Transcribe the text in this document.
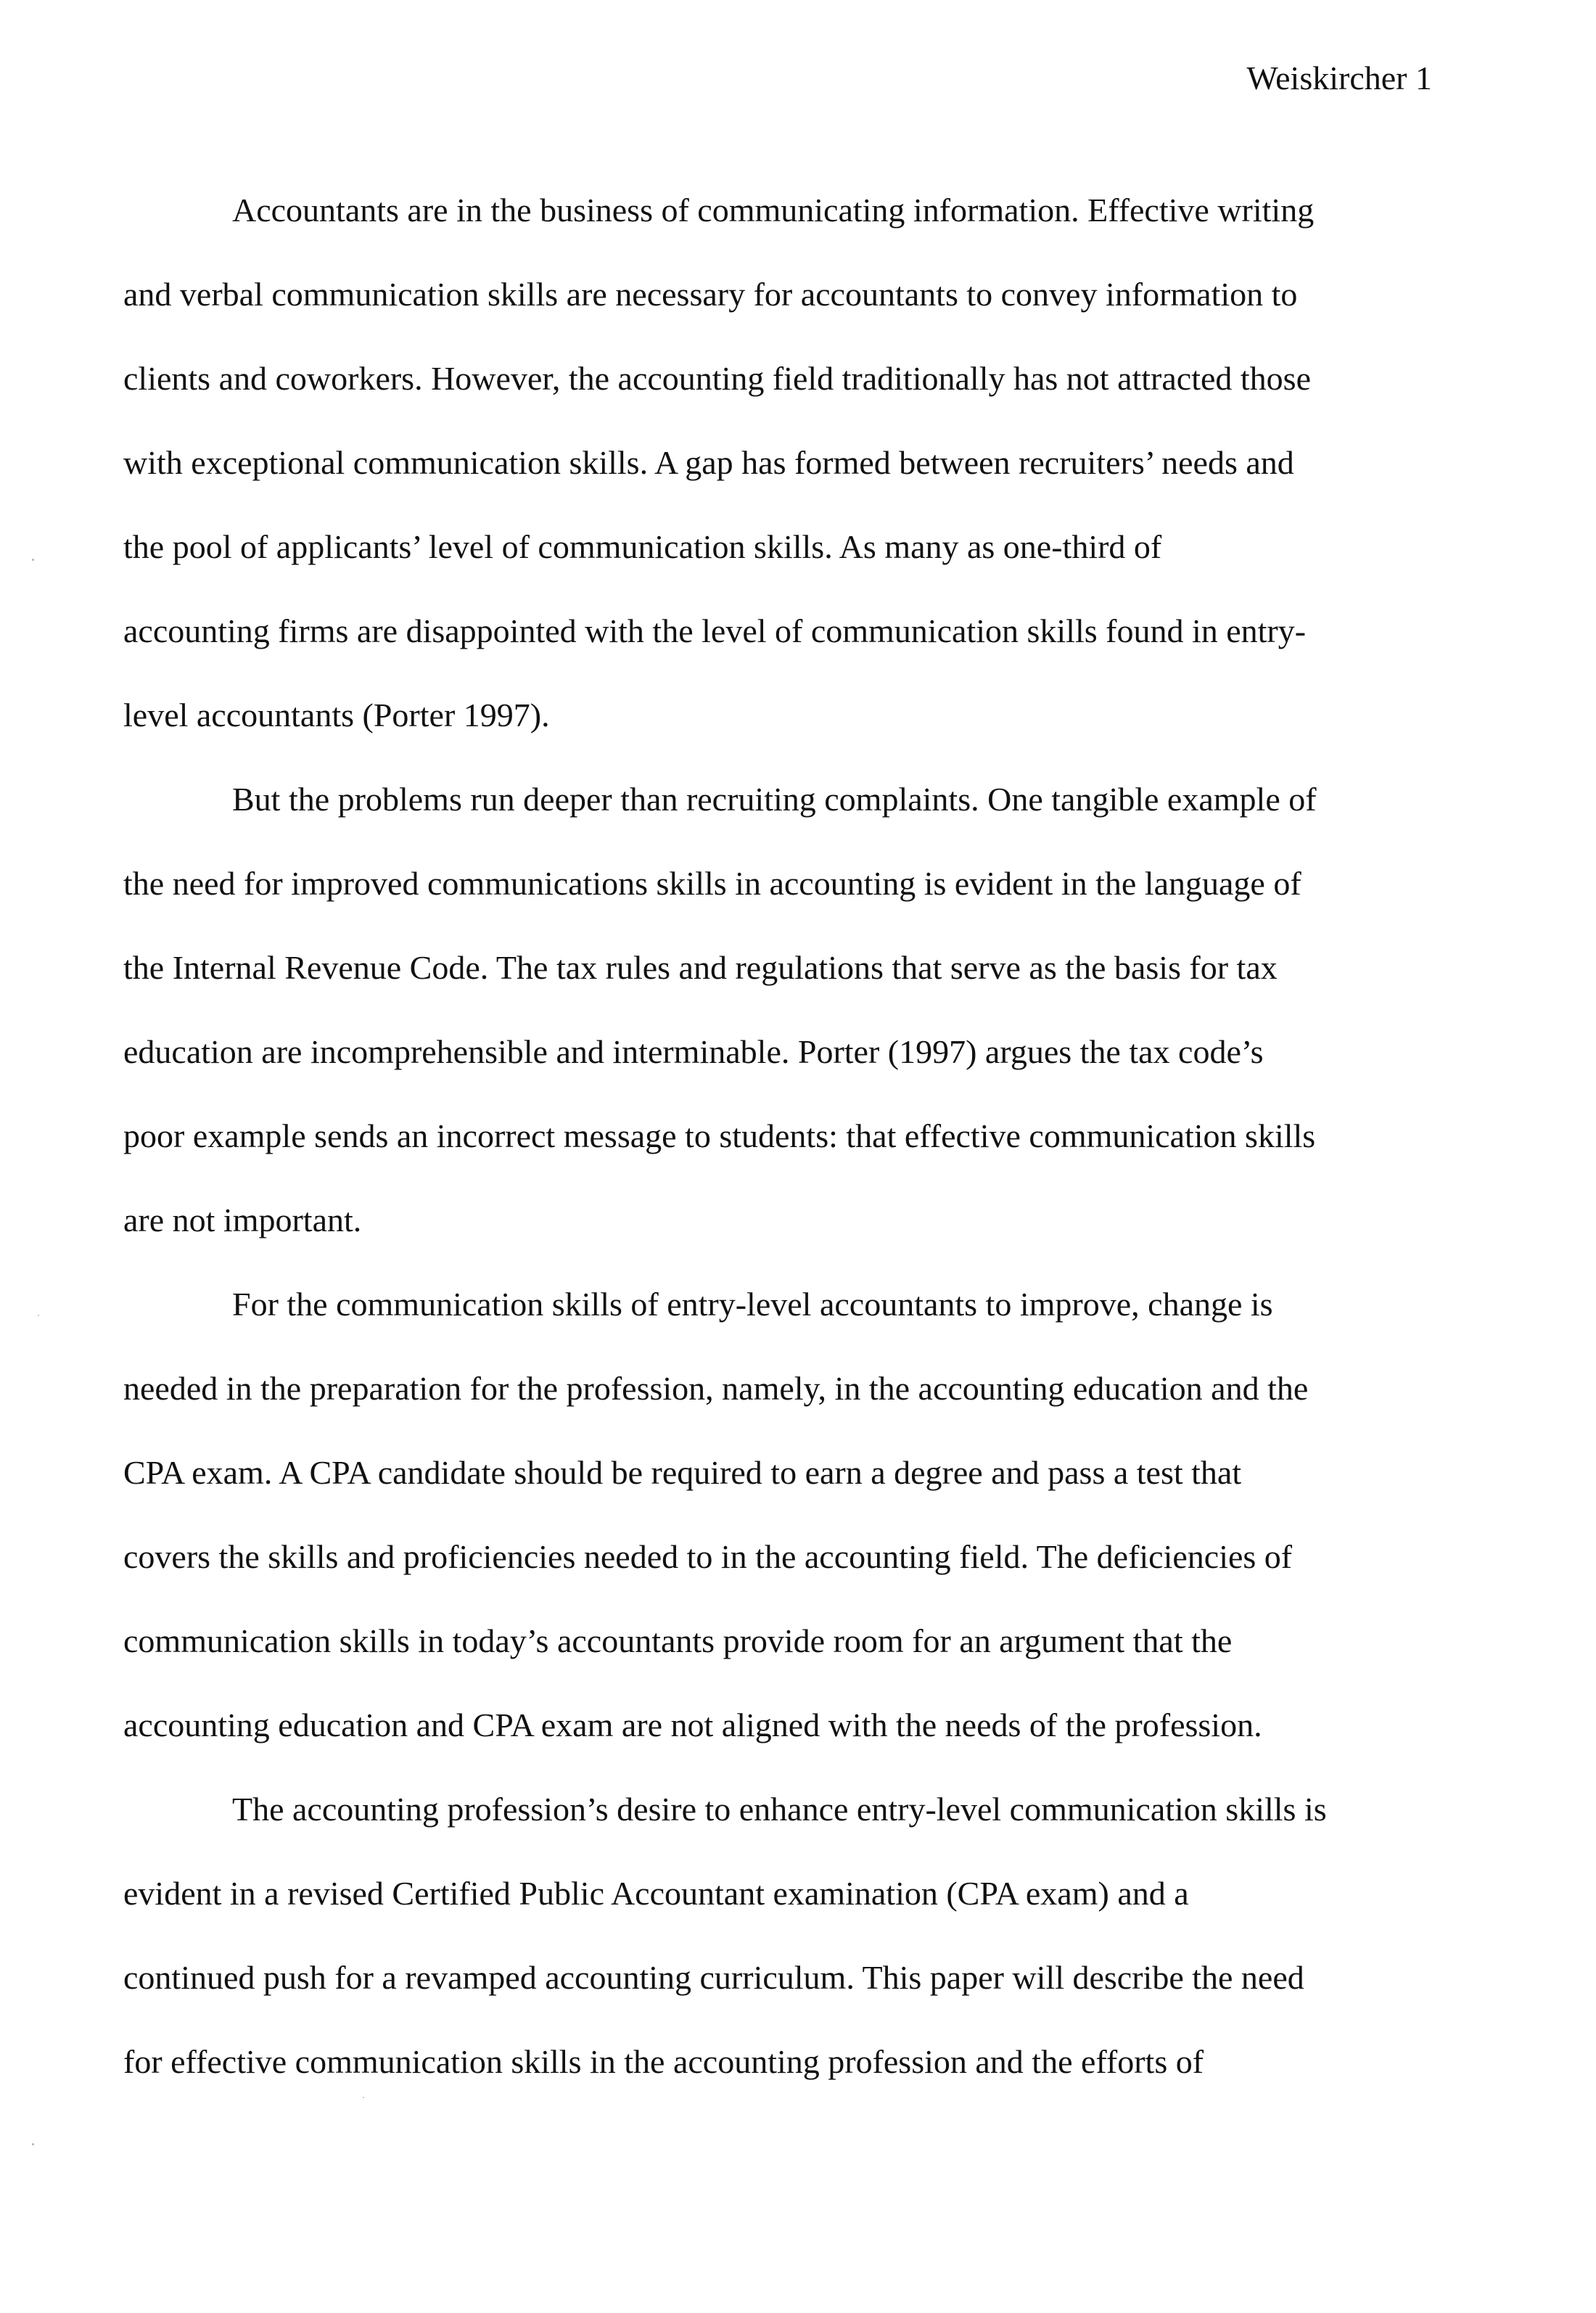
Weiskircher 1

Accountants are in the business of communicating information. Effective writing
and verbal communication skills are necessary for accountants to convey information to
clients and coworkers. However, the accounting field traditionally has not attracted those
with exceptional communication skills. A gap has formed between recruiters’ needs and
the pool of applicants’ level of communication skills. As many as one-third of
accounting firms are disappointed with the level of communication skills found in entry-
level accountants (Porter 1997).

But the problems run deeper than recruiting complaints. One tangible example of
the need for improved communications skills in accounting is evident in the language of
the Internal Revenue Code. The tax rules and regulations that serve as the basis for tax
education are incomprehensible and interminable. Porter (1997) argues the tax code’s
poor example sends an incorrect message to students: that effective communication skills
are not important.

For the communication skills of entry-level accountants to improve, change is
needed in the preparation for the profession, namely, in the accounting education and the
CPA exam. A CPA candidate should be required to earn a degree and pass a test that
covers the skills and proficiencies needed to in the accounting field. The deficiencies of
communication skills in today’s accountants provide room for an argument that the
accounting education and CPA exam are not aligned with the needs of the profession.

The accounting profession’s desire to enhance entry-level communication skills is
evident in a revised Certified Public Accountant examination (CPA exam) and a
continued push for a revamped accounting curriculum. This paper will describe the need
for effective communication skills in the accounting profession and the efforts of
